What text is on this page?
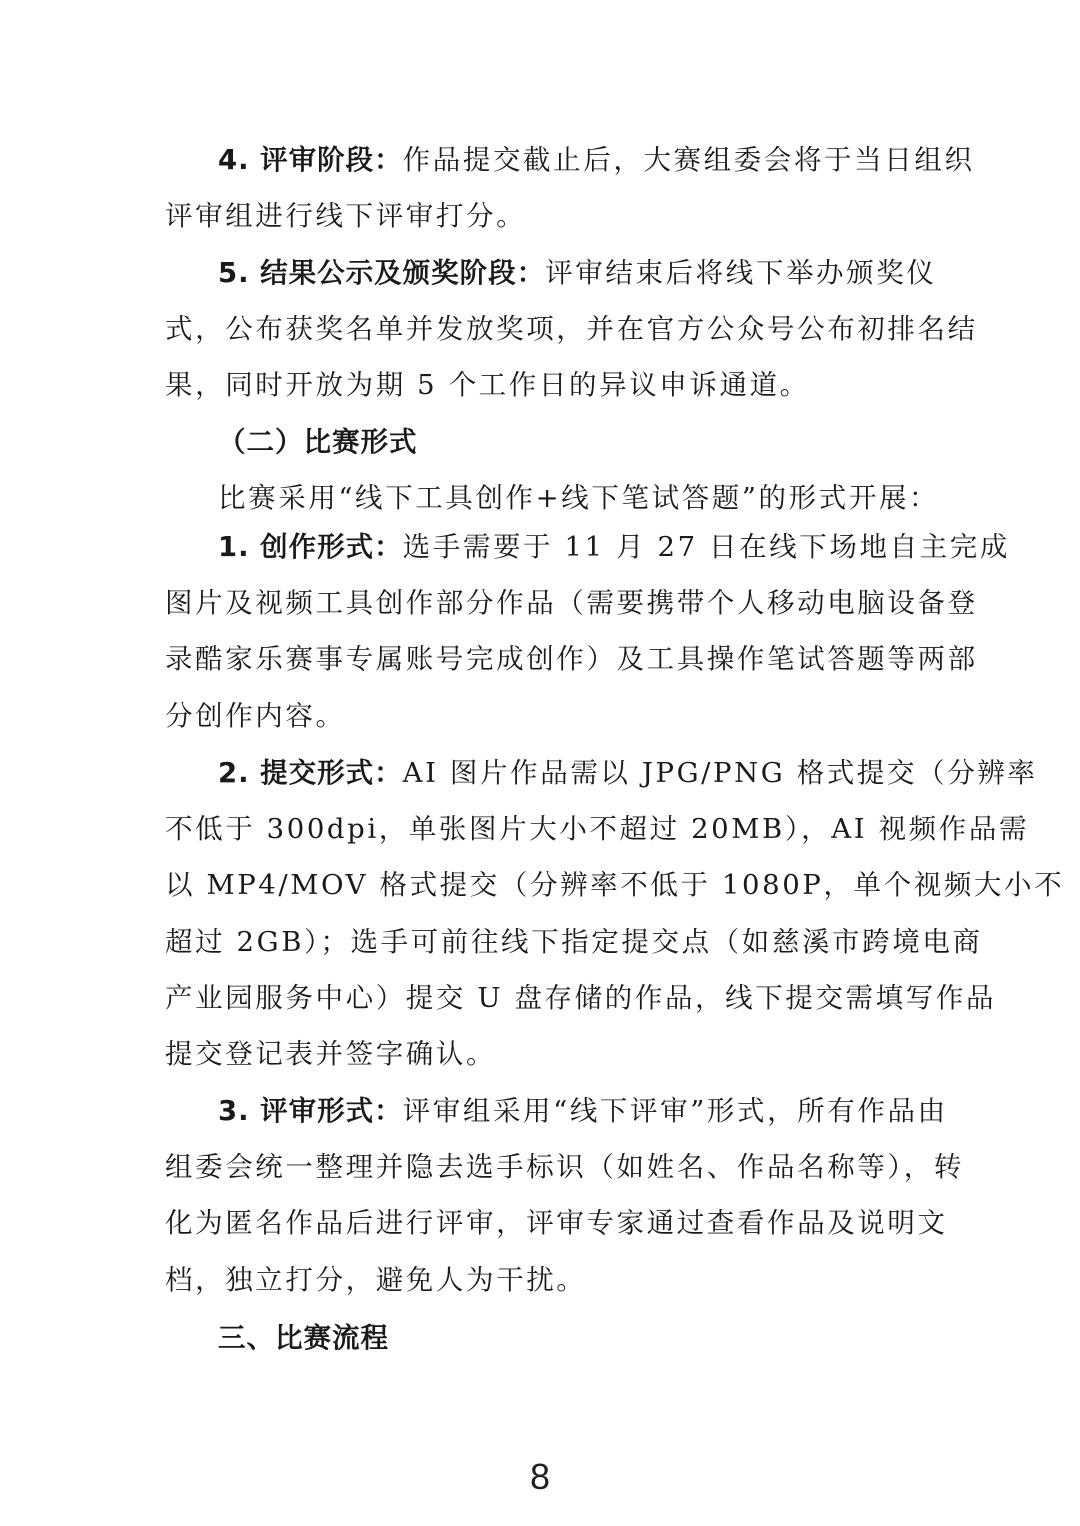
4. 评审阶段：作品提交截止后，大赛组委会将于当日组织
评审组进行线下评审打分。
5. 结果公示及颁奖阶段：评审结束后将线下举办颁奖仪
式，公布获奖名单并发放奖项，并在官方公众号公布初排名结
果，同时开放为期 5 个工作日的异议申诉通道。
（二）比赛形式
比赛采用“线下工具创作+线下笔试答题”的形式开展：
1. 创作形式：选手需要于 11 月 27 日在线下场地自主完成
图片及视频工具创作部分作品（需要携带个人移动电脑设备登
录酷家乐赛事专属账号完成创作）及工具操作笔试答题等两部
分创作内容。
2. 提交形式：AI 图片作品需以 JPG/PNG 格式提交（分辨率
不低于 300dpi，单张图片大小不超过 20MB），AI 视频作品需
以 MP4/MOV 格式提交（分辨率不低于 1080P，单个视频大小不
超过 2GB）；选手可前往线下指定提交点（如慈溪市跨境电商
产业园服务中心）提交 U 盘存储的作品，线下提交需填写作品
提交登记表并签字确认。
3. 评审形式：评审组采用“线下评审”形式，所有作品由
组委会统一整理并隐去选手标识（如姓名、作品名称等），转
化为匿名作品后进行评审，评审专家通过查看作品及说明文
档，独立打分，避免人为干扰。
三、比赛流程
8
